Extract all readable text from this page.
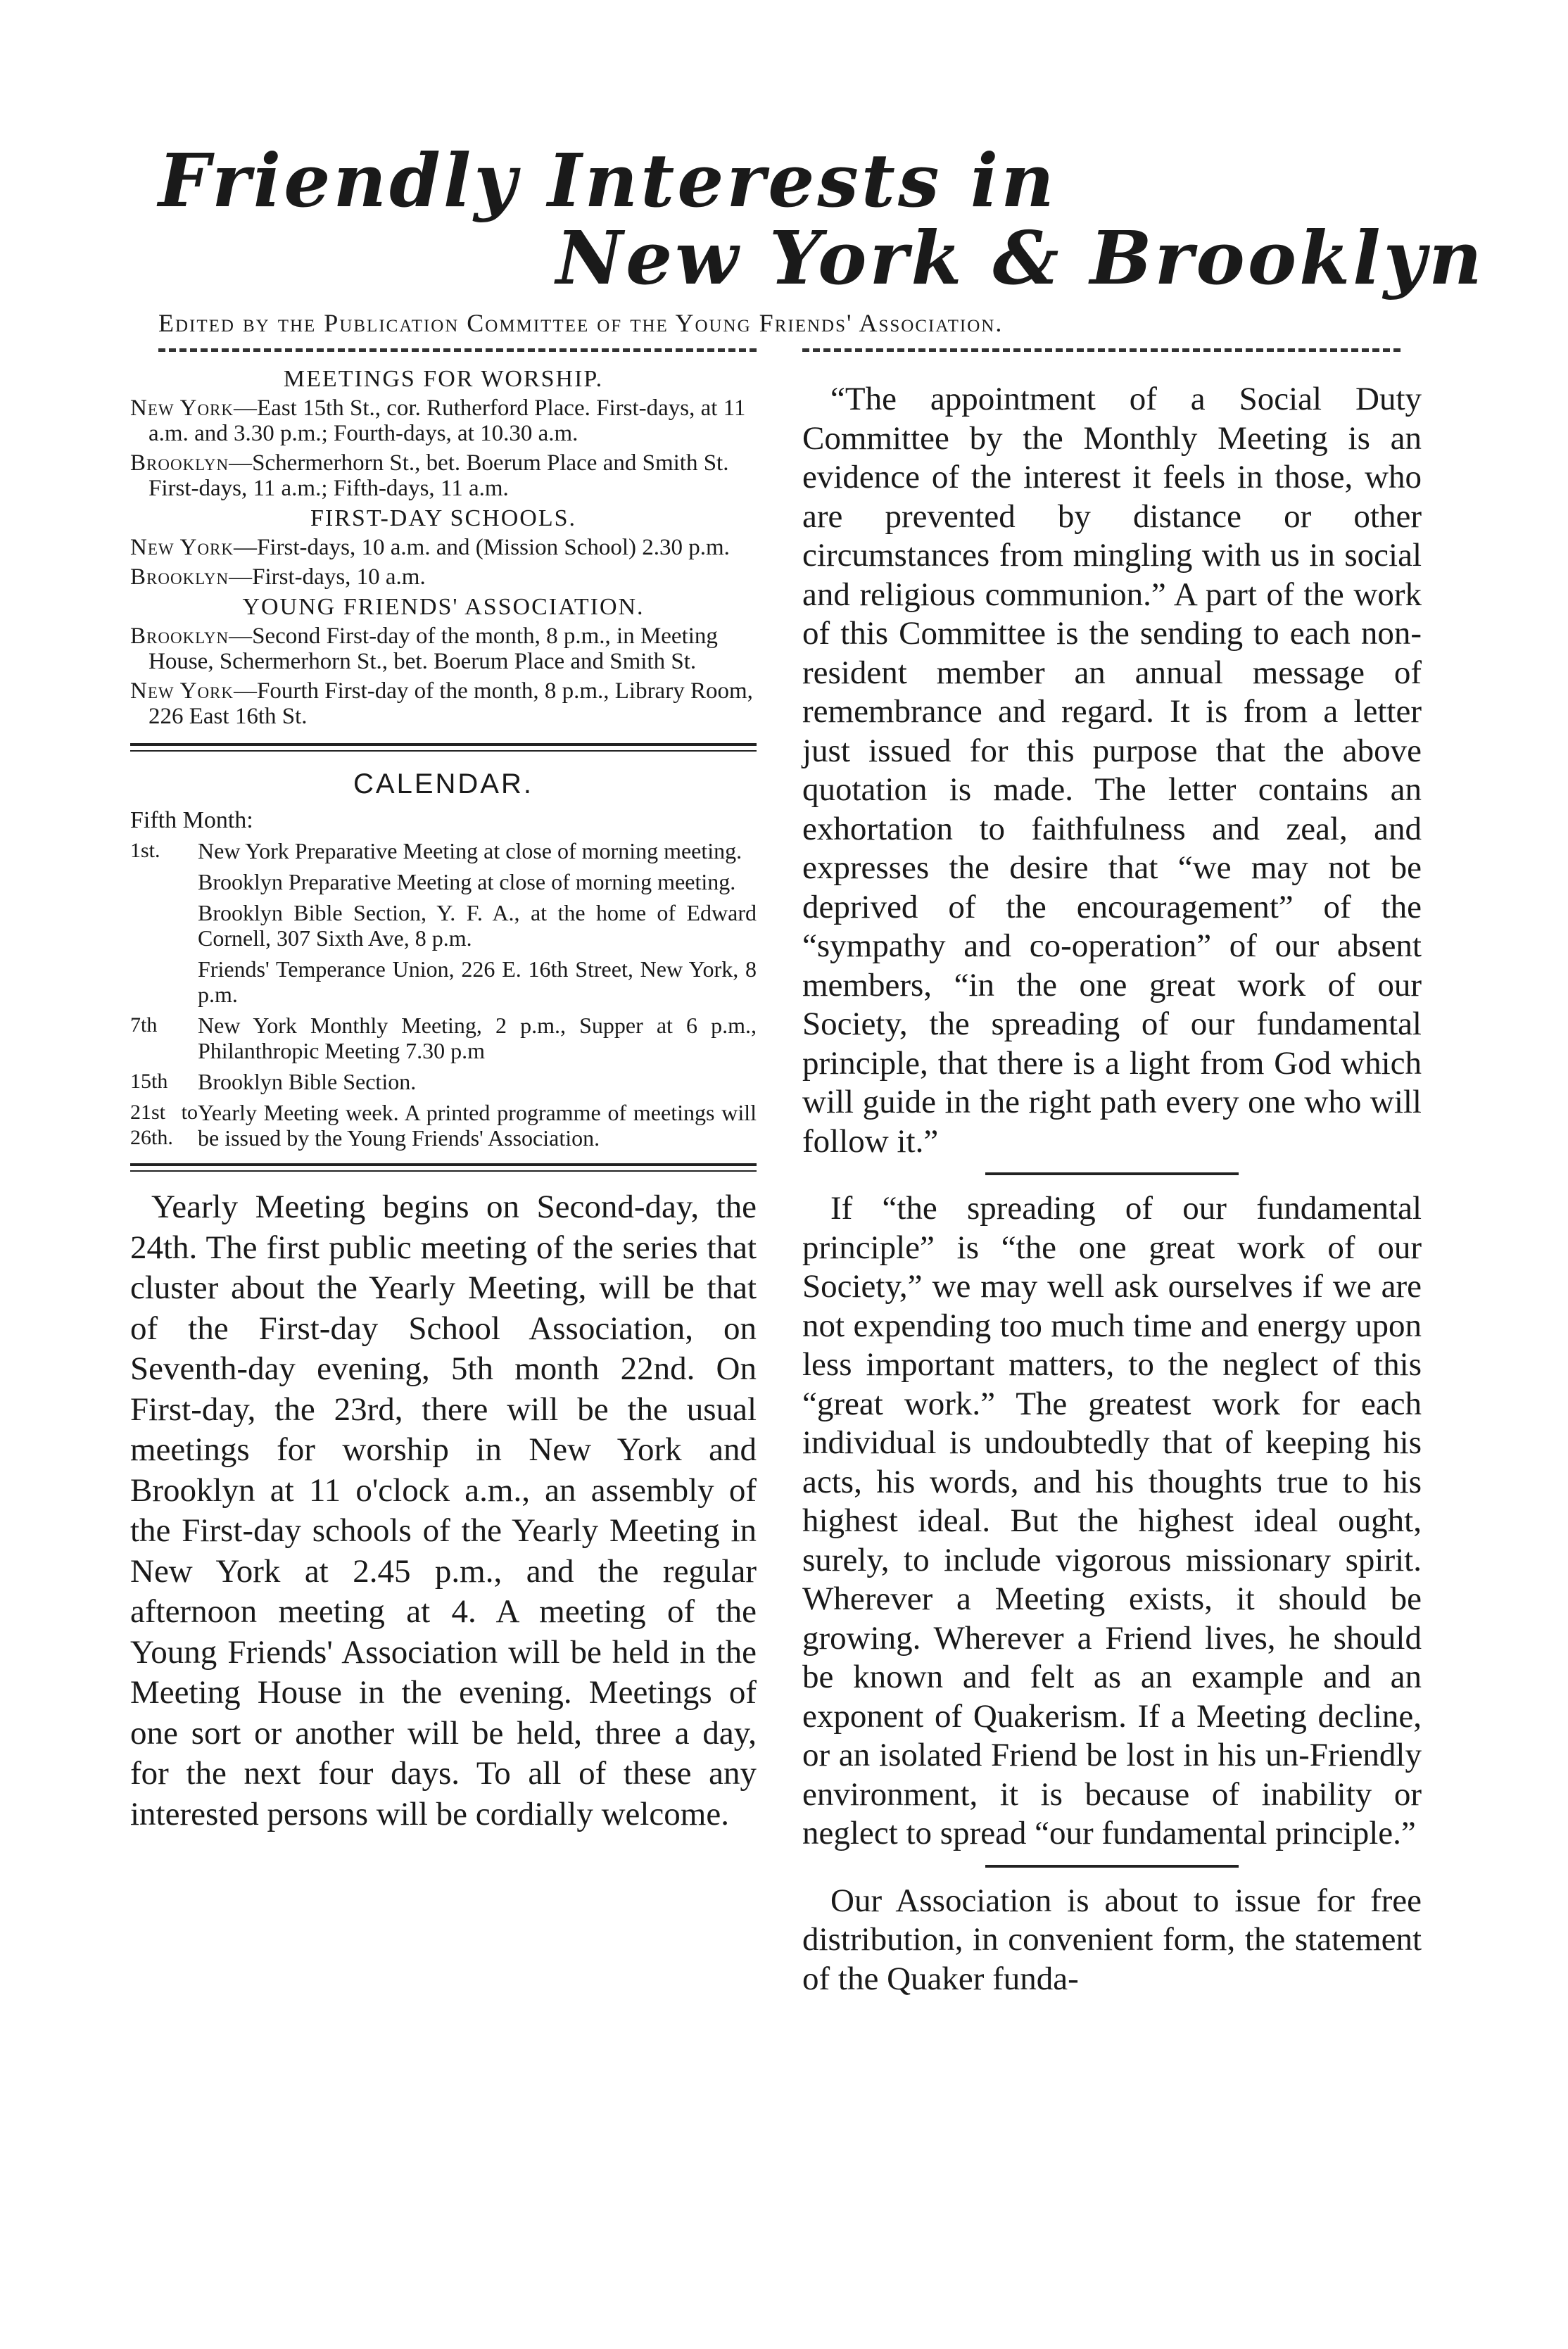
Friendly Interests in
New York & Brooklyn
Edited by the Publication Committee of the Young Friends' Association.
MEETINGS FOR WORSHIP.

New York—East 15th St., cor. Rutherford Place. First-days, at 11 a.m. and 3.30 p.m.; Fourth-days, at 10.30 a.m.

Brooklyn—Schermerhorn St., bet. Boerum Place and Smith St. First-days, 11 a.m.; Fifth-days, 11 a.m.

FIRST-DAY SCHOOLS.

New York—First-days, 10 a.m. and (Mission School) 2.30 p.m.

Brooklyn—First-days, 10 a.m.

YOUNG FRIENDS' ASSOCIATION.

Brooklyn—Second First-day of the month, 8 p.m., in Meeting House, Schermerhorn St., bet. Boerum Place and Smith St.

New York—Fourth First-day of the month, 8 p.m., Library Room, 226 East 16th St.

CALENDAR.
Fifth Month:
1st.	New York Preparative Meeting at close of morning meeting.
	Brooklyn Preparative Meeting at close of morning meeting.
	Brooklyn Bible Section, Y. F. A., at the home of Edward Cornell, 307 Sixth Ave, 8 p.m.
	Friends' Temperance Union, 226 E. 16th Street, New York, 8 p.m.
7th	New York Monthly Meeting, 2 p.m., Supper at 6 p.m., Philanthropic Meeting 7.30 p.m
15th	Brooklyn Bible Section.
21st to 26th.	Yearly Meeting week. A printed programme of meetings will be issued by the Young Friends' Association.

Yearly Meeting begins on Second-day, the 24th. The first public meeting of the series that cluster about the Yearly Meeting, will be that of the First-day School Association, on Seventh-day evening, 5th month 22nd. On First-day, the 23rd, there will be the usual meetings for worship in New York and Brooklyn at 11 o'clock a.m., an assembly of the First-day schools of the Yearly Meeting in New York at 2.45 p.m., and the regular afternoon meeting at 4. A meeting of the Young Friends' Association will be held in the Meeting House in the evening. Meetings of one sort or another will be held, three a day, for the next four days. To all of these any interested persons will be cordially welcome.

“The appointment of a Social Duty Committee by the Monthly Meeting is an evidence of the interest it feels in those, who are prevented by distance or other circumstances from mingling with us in social and religious communion.” A part of the work of this Committee is the sending to each non-resident member an annual message of remembrance and regard. It is from a letter just issued for this purpose that the above quotation is made. The letter contains an exhortation to faithfulness and zeal, and expresses the desire that “we may not be deprived of the encouragement” of the “sympathy and co-operation” of our absent members, “in the one great work of our Society, the spreading of our fundamental principle, that there is a light from God which will guide in the right path every one who will follow it.”

If “the spreading of our fundamental principle” is “the one great work of our Society,” we may well ask ourselves if we are not expending too much time and energy upon less important matters, to the neglect of this “great work.” The greatest work for each individual is undoubtedly that of keeping his acts, his words, and his thoughts true to his highest ideal. But the highest ideal ought, surely, to include vigorous missionary spirit. Wherever a Meeting exists, it should be growing. Wherever a Friend lives, he should be known and felt as an example and an exponent of Quakerism. If a Meeting decline, or an isolated Friend be lost in his un-Friendly environment, it is because of inability or neglect to spread “our fundamental principle.”

Our Association is about to issue for free distribution, in convenient form, the statement of the Quaker funda-
